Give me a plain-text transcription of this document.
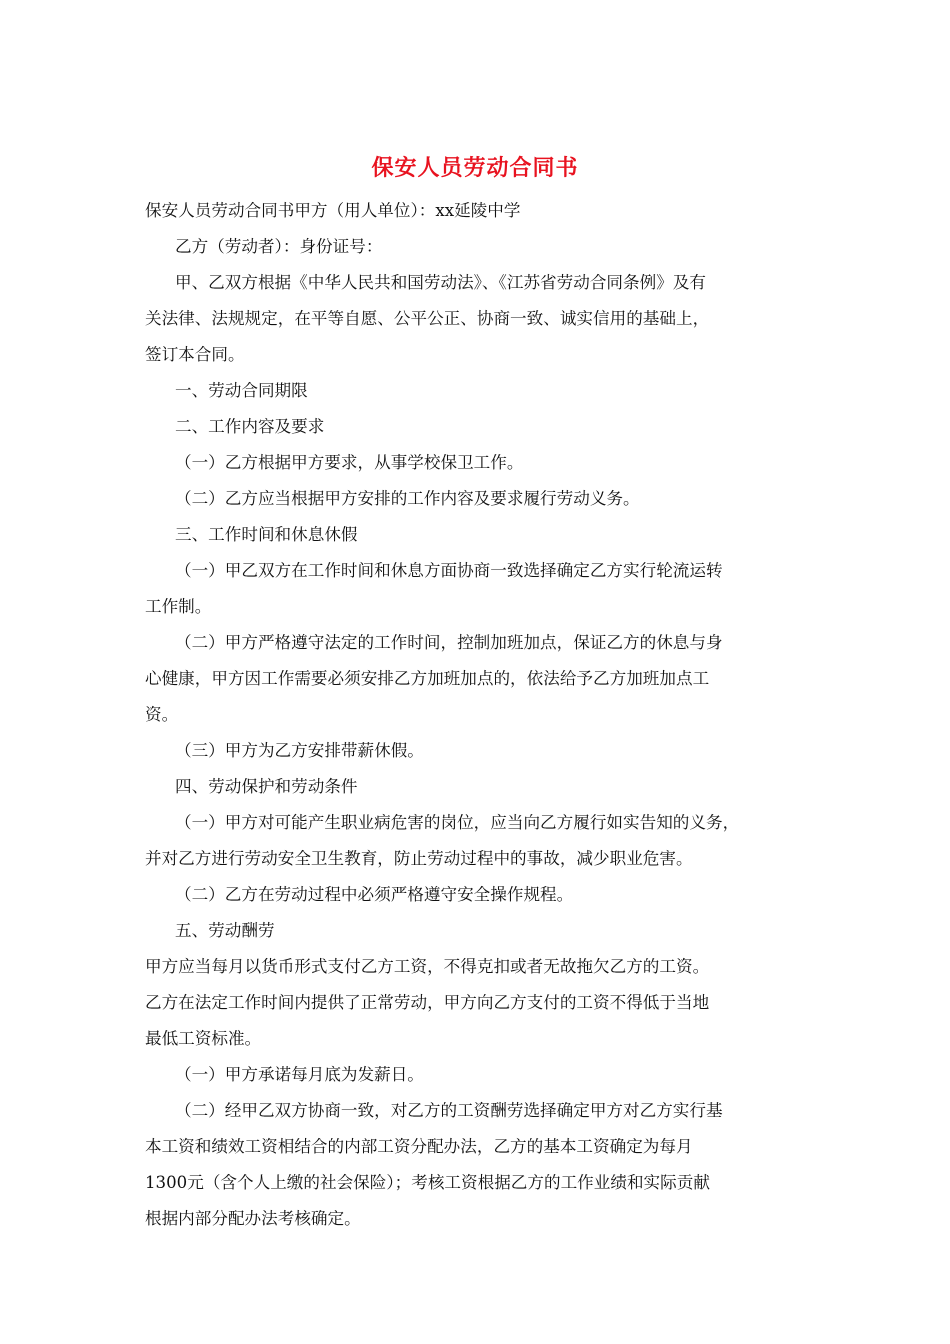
保安人员劳动合同书
保安人员劳动合同书甲方（用人单位）：xx延陵中学
乙方（劳动者）：身份证号：
甲、乙双方根据《中华人民共和国劳动法》、《江苏省劳动合同条例》及有
关法律、法规规定，在平等自愿、公平公正、协商一致、诚实信用的基础上，
签订本合同。
一、劳动合同期限
二、工作内容及要求
（一）乙方根据甲方要求，从事学校保卫工作。
（二）乙方应当根据甲方安排的工作内容及要求履行劳动义务。
三、工作时间和休息休假
（一）甲乙双方在工作时间和休息方面协商一致选择确定乙方实行轮流运转
工作制。
（二）甲方严格遵守法定的工作时间，控制加班加点，保证乙方的休息与身
心健康，甲方因工作需要必须安排乙方加班加点的，依法给予乙方加班加点工
资。
（三）甲方为乙方安排带薪休假。
四、劳动保护和劳动条件
（一）甲方对可能产生职业病危害的岗位，应当向乙方履行如实告知的义务，
并对乙方进行劳动安全卫生教育，防止劳动过程中的事故，减少职业危害。
（二）乙方在劳动过程中必须严格遵守安全操作规程。
五、劳动酬劳
甲方应当每月以货币形式支付乙方工资，不得克扣或者无故拖欠乙方的工资。
乙方在法定工作时间内提供了正常劳动，甲方向乙方支付的工资不得低于当地
最低工资标准。
（一）甲方承诺每月底为发薪日。
（二）经甲乙双方协商一致，对乙方的工资酬劳选择确定甲方对乙方实行基
本工资和绩效工资相结合的内部工资分配办法，乙方的基本工资确定为每月
1300元（含个人上缴的社会保险）；考核工资根据乙方的工作业绩和实际贡献
根据内部分配办法考核确定。
